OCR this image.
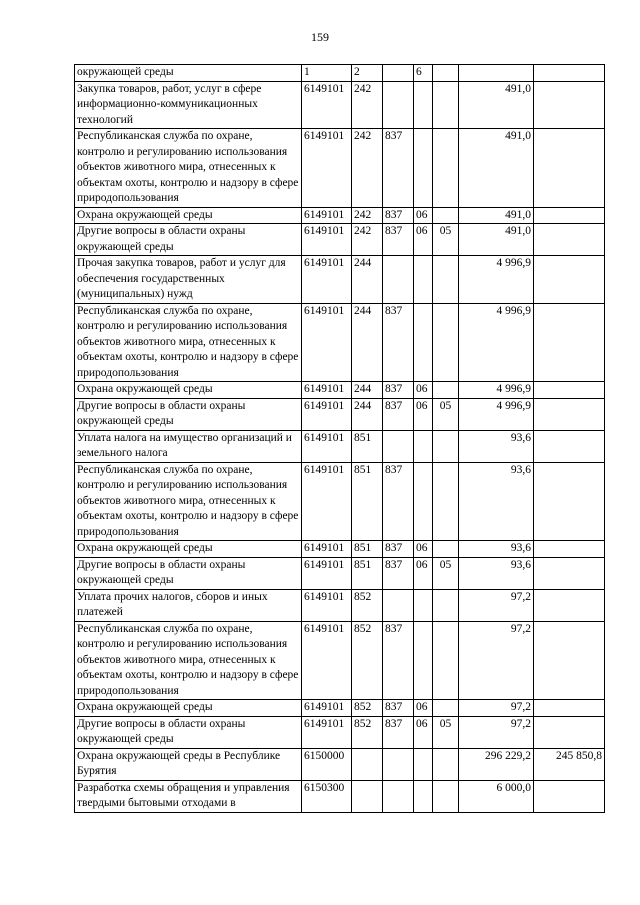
159
окружающей среды	1	2		6			
Закупка товаров, работ, услуг в сфере информационно-коммуникационных технологий	6149101	242				491,0	
Республиканская служба по охране, контролю и регулированию использования объектов животного мира, отнесенных к объектам охоты, контролю и надзору в сфере природопользования	6149101	242	837			491,0	
Охрана окружающей среды	6149101	242	837	06		491,0	
Другие вопросы в области охраны окружающей среды	6149101	242	837	06	05	491,0	
Прочая закупка товаров, работ и услуг для обеспечения государственных (муниципальных) нужд	6149101	244				4 996,9	
Республиканская служба по охране, контролю и регулированию использования объектов животного мира, отнесенных к объектам охоты, контролю и надзору в сфере природопользования	6149101	244	837			4 996,9	
Охрана окружающей среды	6149101	244	837	06		4 996,9	
Другие вопросы в области охраны окружающей среды	6149101	244	837	06	05	4 996,9	
Уплата налога на имущество организаций и земельного налога	6149101	851				93,6	
Республиканская служба по охране, контролю и регулированию использования объектов животного мира, отнесенных к объектам охоты, контролю и надзору в сфере природопользования	6149101	851	837			93,6	
Охрана окружающей среды	6149101	851	837	06		93,6	
Другие вопросы в области охраны окружающей среды	6149101	851	837	06	05	93,6	
Уплата прочих налогов, сборов и иных платежей	6149101	852				97,2	
Республиканская служба по охране, контролю и регулированию использования объектов животного мира, отнесенных к объектам охоты, контролю и надзору в сфере природопользования	6149101	852	837			97,2	
Охрана окружающей среды	6149101	852	837	06		97,2	
Другие вопросы в области охраны окружающей среды	6149101	852	837	06	05	97,2	
Охрана окружающей среды в Республике Бурятия	6150000					296 229,2	245 850,8
Разработка схемы обращения и управления твердыми бытовыми отходами в	6150300					6 000,0	
